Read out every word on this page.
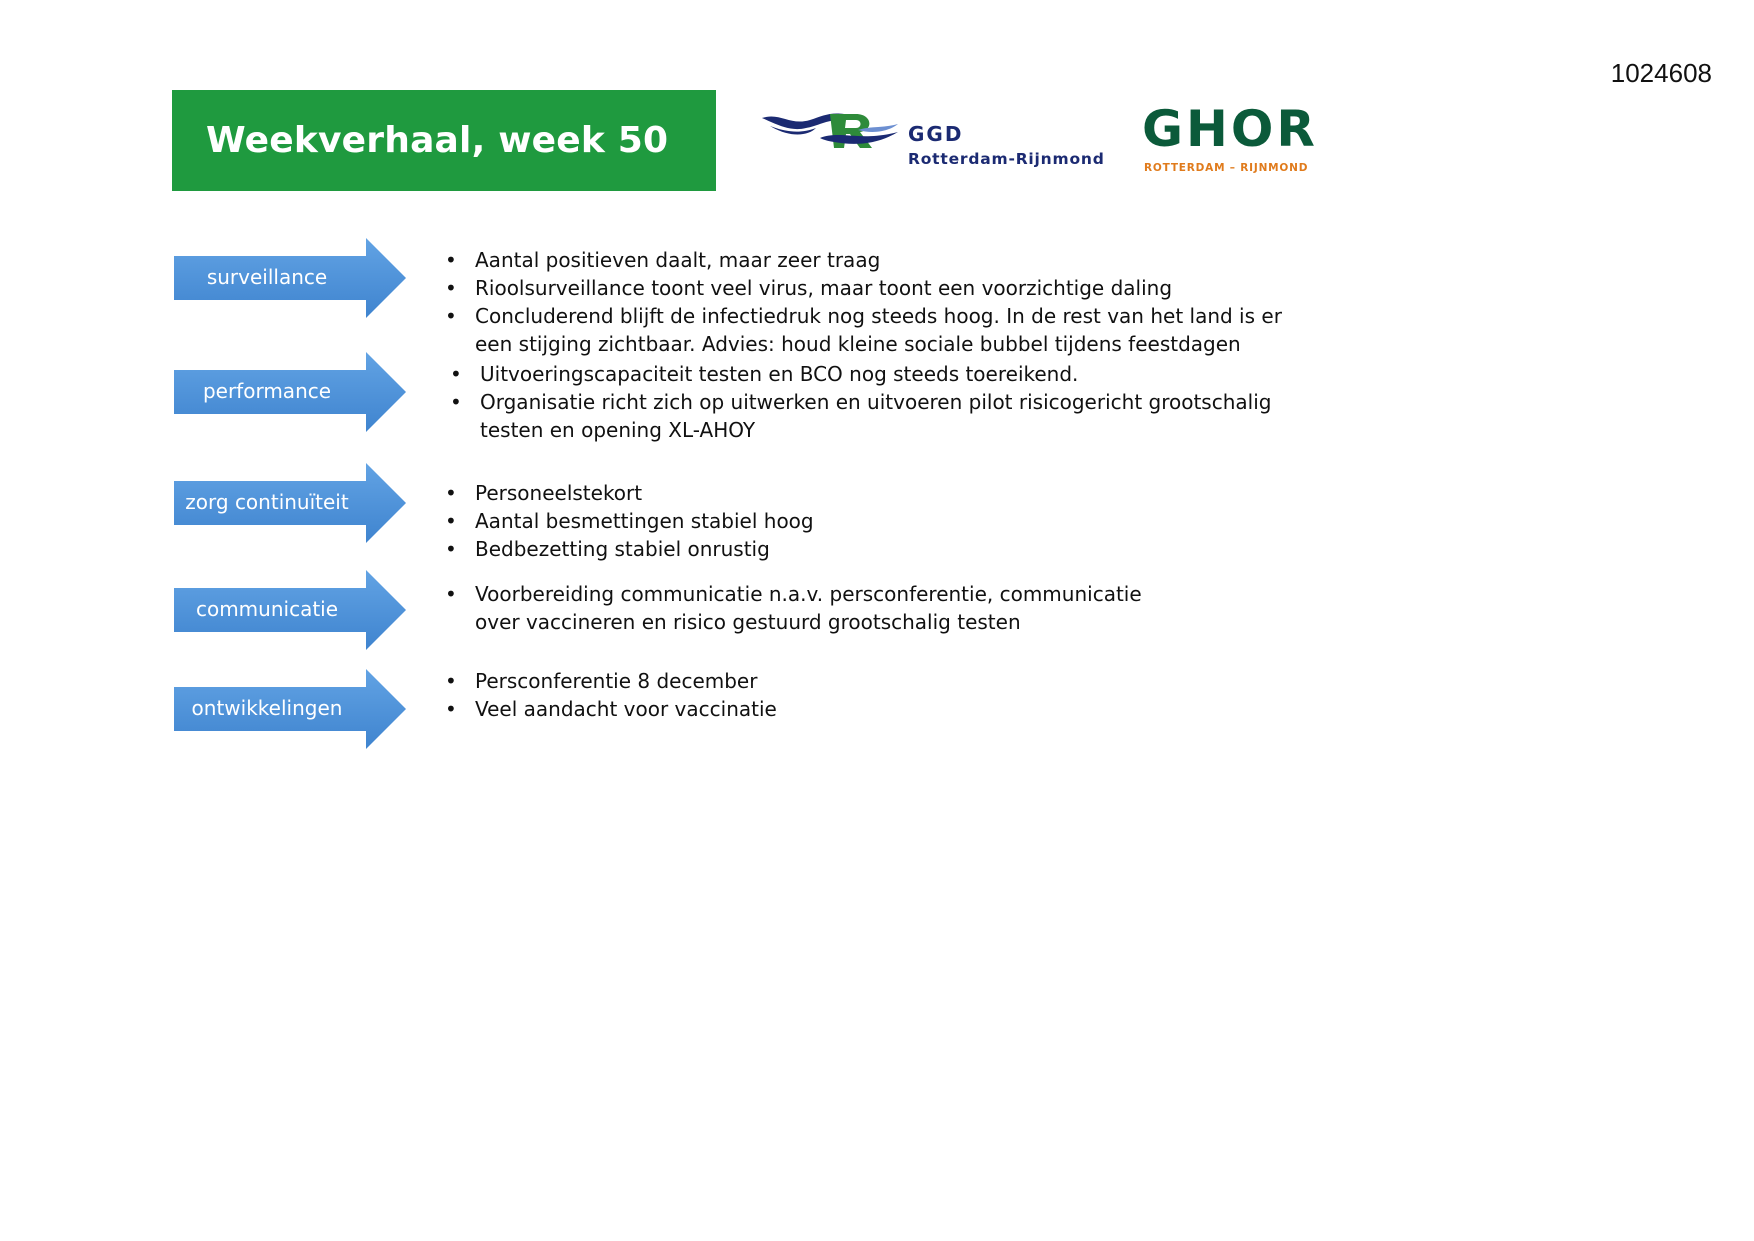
1024608
Weekverhaal, week 50	GGD
Rotterdam-Rijnmond
GHOR
ROTTERDAM – RIJNMOND
surveillance
• Aantal positieven daalt, maar zeer traag
• Rioolsurveillance toont veel virus, maar toont een voorzichtige daling
• Concluderend blijft de infectiedruk nog steeds hoog. In de rest van het land is er een stijging zichtbaar. Advies: houd kleine sociale bubbel tijdens feestdagen
performance
• Uitvoeringscapaciteit testen en BCO nog steeds toereikend.
• Organisatie richt zich op uitwerken en uitvoeren pilot risicogericht grootschalig testen en opening XL-AHOY
zorg continuïteit
•	Personeelstekort
• Aantal besmettingen stabiel hoog
• Bedbezetting stabiel onrustig
communicatie
• Voorbereiding communicatie n.a.v. persconferentie, communicatie over vaccineren en risico gestuurd grootschalig testen
ontwikkelingen
• Persconferentie 8 december
• Veel aandacht voor vaccinatie
